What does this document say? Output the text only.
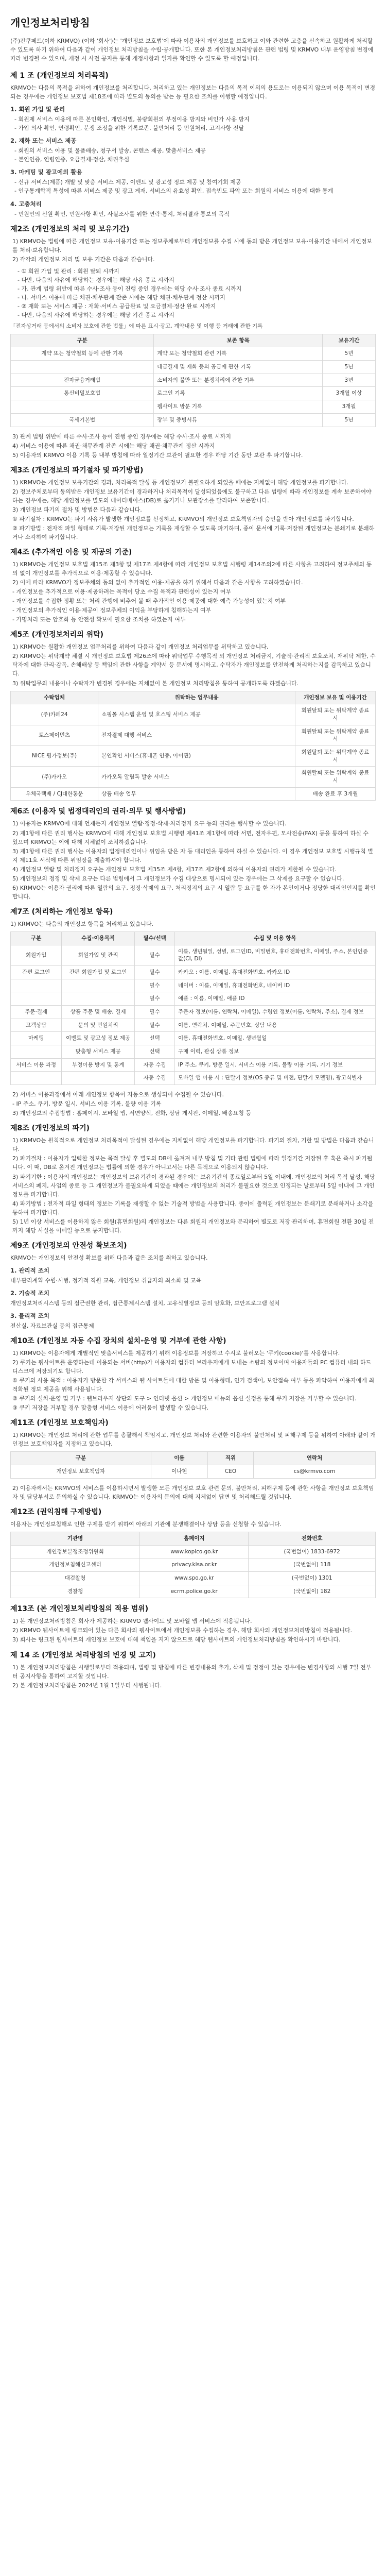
개인정보처리방침

(주)칸쿠페트(이하 KRMVO) (이하 '회사')는 '개인정보 보호법'에 따라 이용자의 개인정보를 보호하고 이와 관련한 고충을 신속하고 원활하게 처리할 수 있도록 하기 위하여 다음과 같이 개인정보 처리방침을 수립·공개합니다. 또한 본 개인정보처리방침은 관련 법령 및 KRMVO 내부 운영방침 변경에 따라 변경될 수 있으며, 개정 시 사전 공지를 통해 개정사항과 일자를 확인할 수 있도록 할 예정입니다.

제 1 조 (개인정보의 처리목적)

KRMVO는 다음의 목적을 위하여 개인정보를 처리합니다. 처리하고 있는 개인정보는 다음의 목적 이외의 용도로는 이용되지 않으며 이용 목적이 변경되는 경우에는 개인정보 보호법 제18조에 따라 별도의 동의를 받는 등 필요한 조치를 이행할 예정입니다.

1. 회원 가입 및 관리
- 회원제 서비스 이용에 따른 본인확인, 개인식별, 불량회원의 부정이용 방지와 비인가 사용 방지
- 가입 의사 확인, 연령확인, 분쟁 조정을 위한 기록보존, 불만처리 등 민원처리, 고지사항 전달
2. 재화 또는 서비스 제공
- 회원의 서비스 이용 및 물품배송, 청구서 발송, 콘텐츠 제공, 맞춤서비스 제공
- 본인인증, 연령인증, 요금결제·정산, 채권추심
3. 마케팅 및 광고에의 활용
- 신규 서비스(제품) 개발 및 맞춤 서비스 제공, 이벤트 및 광고성 정보 제공 및 참여기회 제공
- 인구통계학적 특성에 따른 서비스 제공 및 광고 게재, 서비스의 유효성 확인, 접속빈도 파악 또는 회원의 서비스 이용에 대한 통계
4. 고충처리
- 민원인의 신원 확인, 민원사항 확인, 사실조사를 위한 연락·통지, 처리결과 통보의 목적
제2조 (개인정보의 처리 및 보유기간)
1) KRMVO는 법령에 따른 개인정보 보유·이용기간 또는 정보주체로부터 개인정보를 수집 시에 동의 받은 개인정보 보유·이용기간 내에서 개인정보를 처리·보유합니다.
2) 각각의 개인정보 처리 및 보유 기간은 다음과 같습니다.
- ① 회원 가입 및 관리 : 회원 탈퇴 시까지
- 다만, 다음의 사유에 해당하는 경우에는 해당 사유 종료 시까지
- 가. 관계 법령 위반에 따른 수사·조사 등이 진행 중인 경우에는 해당 수사·조사 종료 시까지
- 나. 서비스 이용에 따른 채권·채무관계 잔존 시에는 해당 채권·채무관계 정산 시까지
- ② 재화 또는 서비스 제공 : 재화·서비스 공급완료 및 요금결제·정산 완료 시까지
- 다만, 다음의 사유에 해당하는 경우에는 해당 기간 종료 시까지

「전자상거래 등에서의 소비자 보호에 관한 법률」에 따른 표시·광고, 계약내용 및 이행 등 거래에 관한 기록

구분	보존 항목	보유기간
계약 또는 청약철회 등에 관한 기록	계약 또는 청약철회 관련 기록	5년
	대금결제 및 재화 등의 공급에 관한 기록	5년
전자금융거래법	소비자의 불만 또는 분쟁처리에 관한 기록	3년
통신비밀보호법	로그인 기록	3개월 이상
	웹사이트 방문 기록	3개월
국세기본법	장부 및 증빙서류	5년
3) 관계 법령 위반에 따른 수사·조사 등이 진행 중인 경우에는 해당 수사·조사 종료 시까지
4) 서비스 이용에 따른 채권·채무관계 잔존 시에는 해당 채권·채무관계 정산 시까지
5) 이용자의 KRMVO 이용 기록 등 내부 방침에 따라 일정기간 보관이 필요한 경우 해당 기간 동안 보관 후 파기합니다.
제3조 (개인정보의 파기절차 및 파기방법)
1) KRMVO는 개인정보 보유기간의 경과, 처리목적 달성 등 개인정보가 불필요하게 되었을 때에는 지체없이 해당 개인정보를 파기합니다.
2) 정보주체로부터 동의받은 개인정보 보유기간이 경과하거나 처리목적이 달성되었음에도 불구하고 다른 법령에 따라 개인정보를 계속 보존하여야 하는 경우에는, 해당 개인정보를 별도의 데이터베이스(DB)로 옮기거나 보관장소를 달리하여 보존합니다.
3) 개인정보 파기의 절차 및 방법은 다음과 같습니다.
① 파기절차 : KRMVO는 파기 사유가 발생한 개인정보를 선정하고, KRMVO의 개인정보 보호책임자의 승인을 받아 개인정보를 파기합니다.
② 파기방법 : 전자적 파일 형태로 기록·저장된 개인정보는 기록을 재생할 수 없도록 파기하며, 종이 문서에 기록·저장된 개인정보는 분쇄기로 분쇄하거나 소각하여 파기합니다.
제4조 (추가적인 이용 및 제공의 기준)
1) KRMVO는 개인정보 보호법 제15조 제3항 및 제17조 제4항에 따라 개인정보 보호법 시행령 제14조의2에 따른 사항을 고려하여 정보주체의 동의 없이 개인정보를 추가적으로 이용·제공할 수 있습니다.
2) 이에 따라 KRMVO가 정보주체의 동의 없이 추가적인 이용·제공을 하기 위해서 다음과 같은 사항을 고려하였습니다.
- 개인정보를 추가적으로 이용·제공하려는 목적이 당초 수집 목적과 관련성이 있는지 여부
- 개인정보를 수집한 정황 또는 처리 관행에 비추어 볼 때 추가적인 이용·제공에 대한 예측 가능성이 있는지 여부
- 개인정보의 추가적인 이용·제공이 정보주체의 이익을 부당하게 침해하는지 여부
- 가명처리 또는 암호화 등 안전성 확보에 필요한 조치를 하였는지 여부
제5조 (개인정보처리의 위탁)
1) KRMVO는 원활한 개인정보 업무처리를 위하여 다음과 같이 개인정보 처리업무를 위탁하고 있습니다.
2) KRMVO는 위탁계약 체결 시 개인정보 보호법 제26조에 따라 위탁업무 수행목적 외 개인정보 처리금지, 기술적·관리적 보호조치, 재위탁 제한, 수탁자에 대한 관리·감독, 손해배상 등 책임에 관한 사항을 계약서 등 문서에 명시하고, 수탁자가 개인정보를 안전하게 처리하는지를 감독하고 있습니다.
3) 위탁업무의 내용이나 수탁자가 변경될 경우에는 지체없이 본 개인정보 처리방침을 통하여 공개하도록 하겠습니다.
수탁업체	위탁하는 업무내용	개인정보 보유 및 이용기간
(주)카페24	쇼핑몰 시스템 운영 및 호스팅 서비스 제공	회원탈퇴 또는 위탁계약 종료 시
토스페이먼츠	전자결제 대행 서비스	회원탈퇴 또는 위탁계약 종료 시
NICE 평가정보(주)	본인확인 서비스(휴대폰 인증, 아이핀)	회원탈퇴 또는 위탁계약 종료 시
(주)카카오	카카오톡 알림톡 발송 서비스	회원탈퇴 또는 위탁계약 종료 시
우체국택배 / CJ대한통운	상품 배송 업무	배송 완료 후 3개월
제6조 (이용자 및 법정대리인의 권리·의무 및 행사방법)
1) 이용자는 KRMVO에 대해 언제든지 개인정보 열람·정정·삭제·처리정지 요구 등의 권리를 행사할 수 있습니다.
2) 제1항에 따른 권리 행사는 KRMVO에 대해 개인정보 보호법 시행령 제41조 제1항에 따라 서면, 전자우편, 모사전송(FAX) 등을 통하여 하실 수 있으며 KRMVO는 이에 대해 지체없이 조치하겠습니다.
3) 제1항에 따른 권리 행사는 이용자의 법정대리인이나 위임을 받은 자 등 대리인을 통하여 하실 수 있습니다. 이 경우 개인정보 보호법 시행규칙 별지 제11호 서식에 따른 위임장을 제출하셔야 합니다.
4) 개인정보 열람 및 처리정지 요구는 개인정보 보호법 제35조 제4항, 제37조 제2항에 의하여 이용자의 권리가 제한될 수 있습니다.
5) 개인정보의 정정 및 삭제 요구는 다른 법령에서 그 개인정보가 수집 대상으로 명시되어 있는 경우에는 그 삭제를 요구할 수 없습니다.
6) KRMVO는 이용자 권리에 따른 열람의 요구, 정정·삭제의 요구, 처리정지의 요구 시 열람 등 요구를 한 자가 본인이거나 정당한 대리인인지를 확인합니다.
제7조 (처리하는 개인정보 항목)

1) KRMVO는 다음의 개인정보 항목을 처리하고 있습니다.

구분	수집·이용목적	필수/선택	수집 및 이용 항목
회원가입	회원가입 및 관리	필수	이름, 생년월일, 성별, 로그인ID, 비밀번호, 휴대전화번호, 이메일, 주소, 본인인증값(CI, DI)
간편 로그인	간편 회원가입 및 로그인	필수	카카오 : 이름, 이메일, 휴대전화번호, 카카오 ID
		필수	네이버 : 이름, 이메일, 휴대전화번호, 네이버 ID
		필수	애플 : 이름, 이메일, 애플 ID
주문·결제	상품 주문 및 배송, 결제	필수	주문자 정보(이름, 연락처, 이메일), 수령인 정보(이름, 연락처, 주소), 결제 정보
고객상담	문의 및 민원처리	필수	이름, 연락처, 이메일, 주문번호, 상담 내용
마케팅	이벤트 및 광고성 정보 제공	선택	이름, 휴대전화번호, 이메일, 생년월일
	맞춤형 서비스 제공	선택	구매 이력, 관심 상품 정보
서비스 이용 과정	부정이용 방지 및 통계	자동 수집	IP 주소, 쿠키, 방문 일시, 서비스 이용 기록, 불량 이용 기록, 기기 정보
		자동 수집	모바일 앱 이용 시 : 단말기 정보(OS 종류 및 버전, 단말기 모델명), 광고식별자
2) 서비스 이용과정에서 아래 개인정보 항목이 자동으로 생성되어 수집될 수 있습니다.
- IP 주소, 쿠키, 방문 일시, 서비스 이용 기록, 불량 이용 기록
3) 개인정보의 수집방법 : 홈페이지, 모바일 앱, 서면양식, 전화, 상담 게시판, 이메일, 배송요청 등
제8조 (개인정보의 파기)
1) KRMVO는 원칙적으로 개인정보 처리목적이 달성된 경우에는 지체없이 해당 개인정보를 파기합니다. 파기의 절차, 기한 및 방법은 다음과 같습니다.
2) 파기절차 : 이용자가 입력한 정보는 목적 달성 후 별도의 DB에 옮겨져 내부 방침 및 기타 관련 법령에 따라 일정기간 저장된 후 혹은 즉시 파기됩니다. 이 때, DB로 옮겨진 개인정보는 법률에 의한 경우가 아니고서는 다른 목적으로 이용되지 않습니다.
3) 파기기한 : 이용자의 개인정보는 개인정보의 보유기간이 경과된 경우에는 보유기간의 종료일로부터 5일 이내에, 개인정보의 처리 목적 달성, 해당 서비스의 폐지, 사업의 종료 등 그 개인정보가 불필요하게 되었을 때에는 개인정보의 처리가 불필요한 것으로 인정되는 날로부터 5일 이내에 그 개인정보를 파기합니다.
4) 파기방법 : 전자적 파일 형태의 정보는 기록을 재생할 수 없는 기술적 방법을 사용합니다. 종이에 출력된 개인정보는 분쇄기로 분쇄하거나 소각을 통하여 파기합니다.
5) 1년 이상 서비스를 이용하지 않은 회원(휴면회원)의 개인정보는 다른 회원의 개인정보와 분리하여 별도로 저장·관리하며, 휴면회원 전환 30일 전까지 해당 사실을 이메일 등으로 통지합니다.
제9조 (개인정보의 안전성 확보조치)

KRMVO는 개인정보의 안전성 확보를 위해 다음과 같은 조치를 취하고 있습니다.

1. 관리적 조치

내부관리계획 수립·시행, 정기적 직원 교육, 개인정보 취급자의 최소화 및 교육

2. 기술적 조치

개인정보처리시스템 등의 접근권한 관리, 접근통제시스템 설치, 고유식별정보 등의 암호화, 보안프로그램 설치

3. 물리적 조치

전산실, 자료보관실 등의 접근통제

제10조 (개인정보 자동 수집 장치의 설치·운영 및 거부에 관한 사항)
1) KRMVO는 이용자에게 개별적인 맞춤서비스를 제공하기 위해 이용정보를 저장하고 수시로 불러오는 '쿠키(cookie)'를 사용합니다.
2) 쿠키는 웹사이트를 운영하는데 이용되는 서버(http)가 이용자의 컴퓨터 브라우저에게 보내는 소량의 정보이며 이용자들의 PC 컴퓨터 내의 하드디스크에 저장되기도 합니다.
① 쿠키의 사용 목적 : 이용자가 방문한 각 서비스와 웹 사이트들에 대한 방문 및 이용형태, 인기 검색어, 보안접속 여부 등을 파악하여 이용자에게 최적화된 정보 제공을 위해 사용됩니다.
② 쿠키의 설치·운영 및 거부 : 웹브라우저 상단의 도구 > 인터넷 옵션 > 개인정보 메뉴의 옵션 설정을 통해 쿠키 저장을 거부할 수 있습니다.
③ 쿠키 저장을 거부할 경우 맞춤형 서비스 이용에 어려움이 발생할 수 있습니다.
제11조 (개인정보 보호책임자)
1) KRMVO는 개인정보 처리에 관한 업무를 총괄해서 책임지고, 개인정보 처리와 관련한 이용자의 불만처리 및 피해구제 등을 위하여 아래와 같이 개인정보 보호책임자를 지정하고 있습니다.
구분	이름	직위	연락처
개인정보 보호책임자	이나현	CEO	cs@krmvo.com
2) 이용자께서는 KRMVO의 서비스를 이용하시면서 발생한 모든 개인정보 보호 관련 문의, 불만처리, 피해구제 등에 관한 사항을 개인정보 보호책임자 및 담당부서로 문의하실 수 있습니다. KRMVO는 이용자의 문의에 대해 지체없이 답변 및 처리해드릴 것입니다.
제12조 (권익침해 구제방법)

이용자는 개인정보침해로 인한 구제를 받기 위하여 아래의 기관에 분쟁해결이나 상담 등을 신청할 수 있습니다.

기관명	홈페이지	전화번호
개인정보분쟁조정위원회	www.kopico.go.kr	(국번없이) 1833-6972
개인정보침해신고센터	privacy.kisa.or.kr	(국번없이) 118
대검찰청	www.spo.go.kr	(국번없이) 1301
경찰청	ecrm.police.go.kr	(국번없이) 182
제13조 (본 개인정보처리방침의 적용 범위)
1) 본 개인정보처리방침은 회사가 제공하는 KRMVO 웹사이트 및 모바일 앱 서비스에 적용됩니다.
2) KRMVO 웹사이트에 링크되어 있는 다른 회사의 웹사이트에서 개인정보를 수집하는 경우, 해당 회사의 개인정보처리방침이 적용됩니다.
3) 회사는 링크된 웹사이트의 개인정보 보호에 대해 책임을 지지 않으므로 해당 웹사이트의 개인정보처리방침을 확인하시기 바랍니다.
제 14 조 (개인정보 처리방침의 변경 및 고지)
1) 본 개인정보처리방침은 시행일로부터 적용되며, 법령 및 방침에 따른 변경내용의 추가, 삭제 및 정정이 있는 경우에는 변경사항의 시행 7일 전부터 공지사항을 통하여 고지할 것입니다.
2) 본 개인정보처리방침은 2024년 1월 1일부터 시행됩니다.
